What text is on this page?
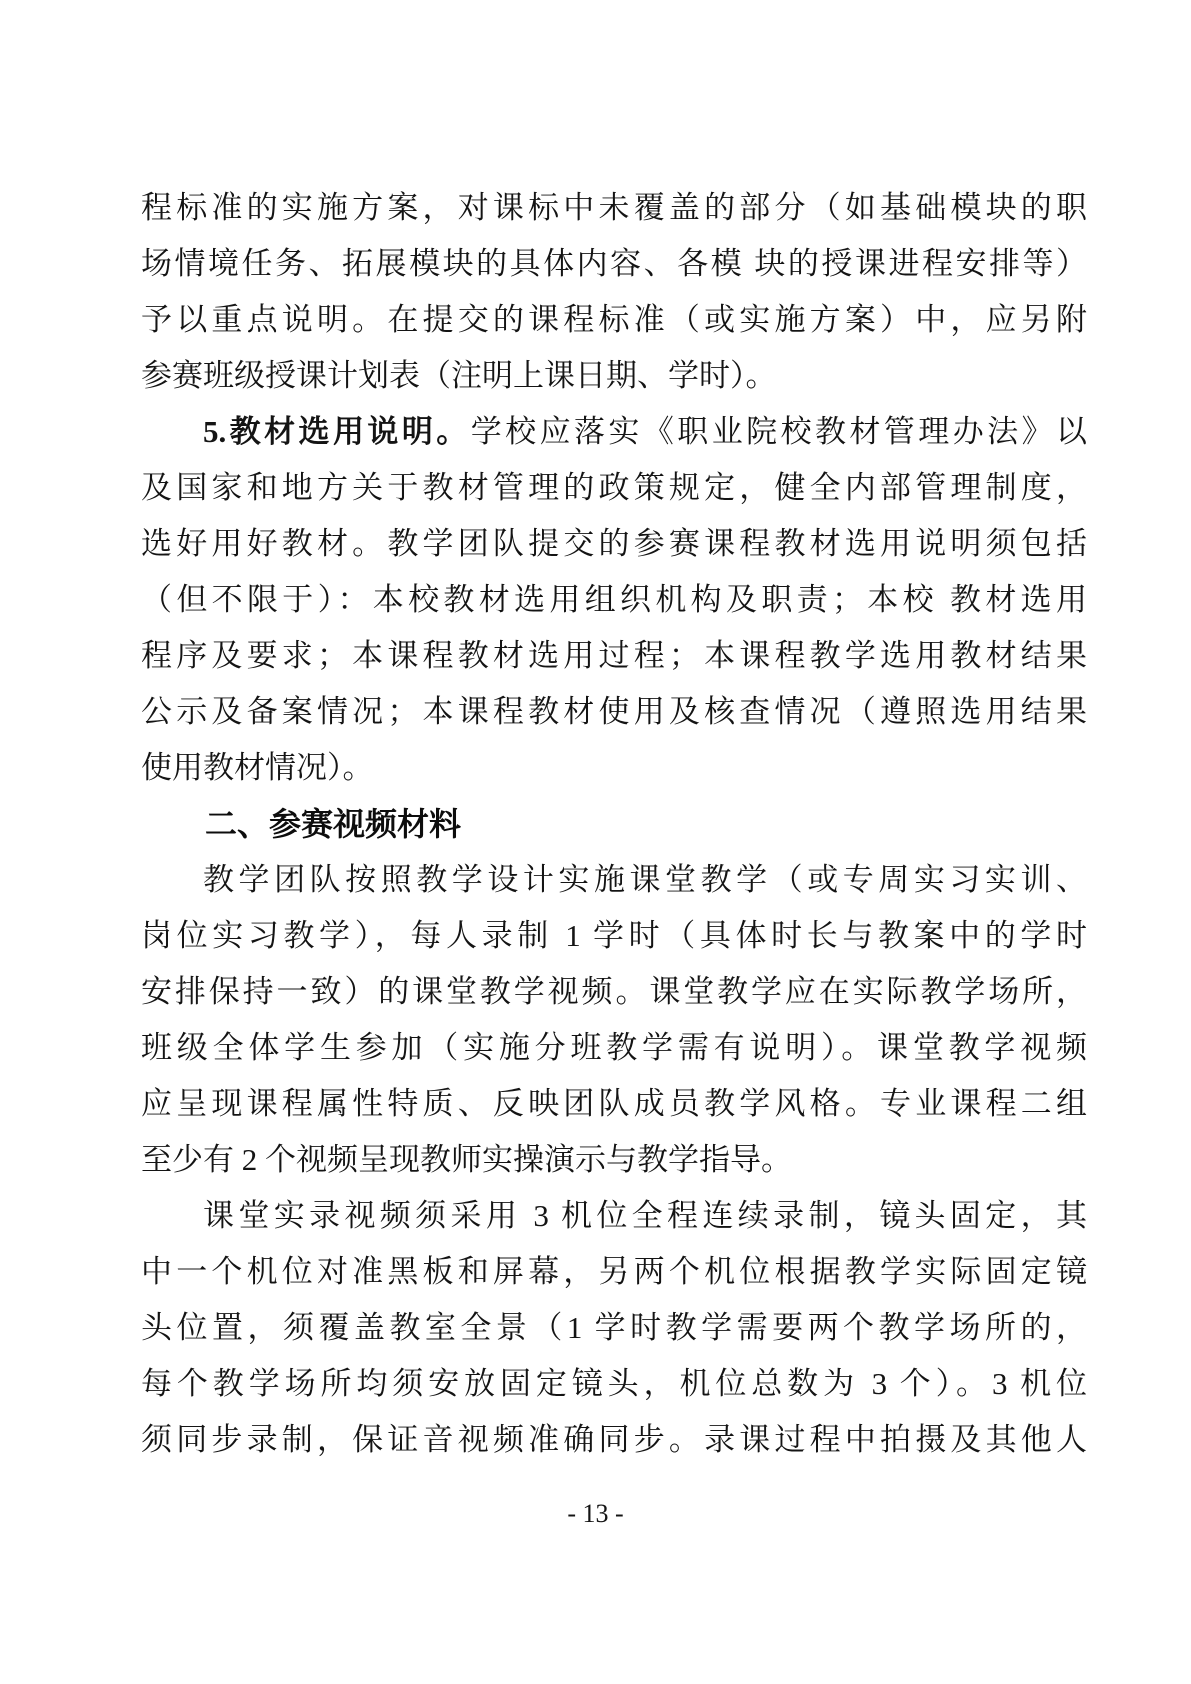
程标准的实施方案，对课标中未覆盖的部分（如基础模块的职
场情境任务、拓展模块的具体内容、各模 块的授课进程安排等）
予以重点说明。在提交的课程标准（或实施方案）中，应另附
参赛班级授课计划表（注明上课日期、学时）。
5.教材选用说明。学校应落实《职业院校教材管理办法》以
及国家和地方关于教材管理的政策规定，健全内部管理制度，
选好用好教材。教学团队提交的参赛课程教材选用说明须包括
（但不限于）：本校教材选用组织机构及职责；本校 教材选用
程序及要求；本课程教材选用过程；本课程教学选用教材结果
公示及备案情况；本课程教材使用及核查情况（遵照选用结果
使用教材情况）。
二、参赛视频材料
教学团队按照教学设计实施课堂教学（或专周实习实训、
岗位实习教学），每人录制 1 学时（具体时长与教案中的学时
安排保持一致）的课堂教学视频。课堂教学应在实际教学场所，
班级全体学生参加（实施分班教学需有说明）。课堂教学视频
应呈现课程属性特质、反映团队成员教学风格。专业课程二组
至少有 2 个视频呈现教师实操演示与教学指导。
课堂实录视频须采用 3 机位全程连续录制，镜头固定，其
中一个机位对准黑板和屏幕，另两个机位根据教学实际固定镜
头位置，须覆盖教室全景（1 学时教学需要两个教学场所的，
每个教学场所均须安放固定镜头，机位总数为 3 个）。3 机位
须同步录制，保证音视频准确同步。录课过程中拍摄及其他人
- 13 -
